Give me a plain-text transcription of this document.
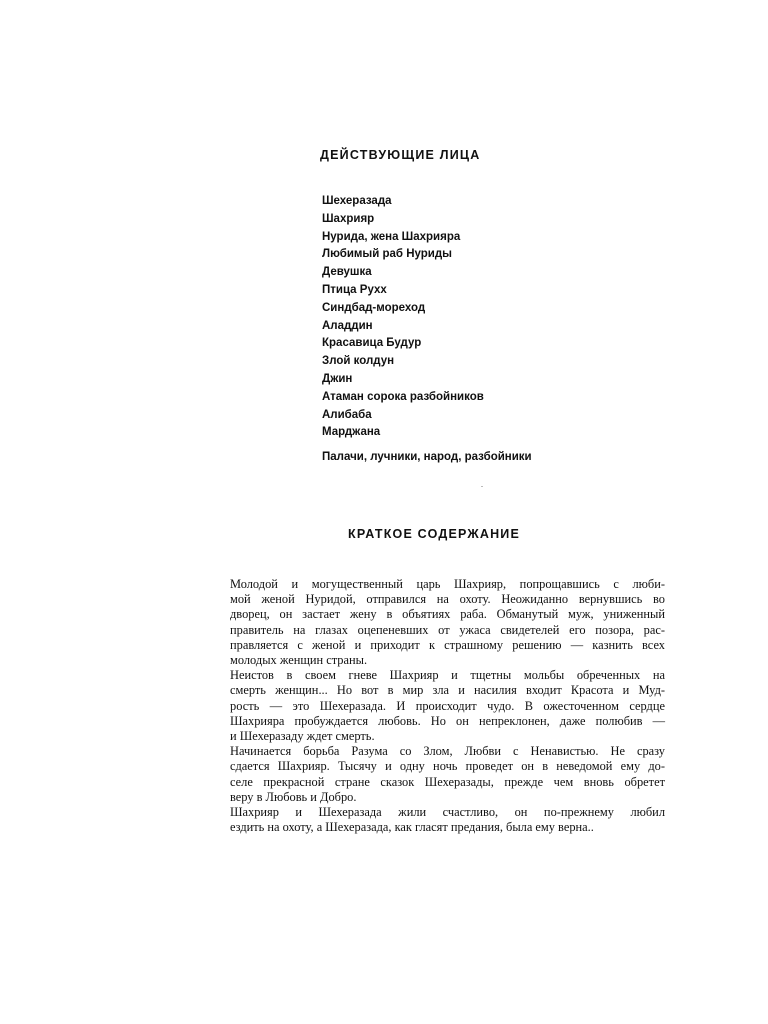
ДЕЙСТВУЮЩИЕ ЛИЦА
Шехеразада
Шахрияр
Нурида, жена Шахрияра
Любимый раб Нуриды
Девушка
Птица Рухх
Синдбад-мореход
Аладдин
Красавица Будур
Злой колдун
Джин
Атаман сорока разбойников
Алибаба
Марджана
Палачи, лучники, народ, разбойники
КРАТКОЕ СОДЕРЖАНИЕ

Молодой и могущественный царь Шахрияр, попрощавшись с люби-
мой женой Нуридой, отправился на охоту. Неожиданно вернувшись во
дворец, он застает жену в объятиях раба. Обманутый муж, униженный
правитель на глазах оцепеневших от ужаса свидетелей его позора, рас-
правляется с женой и приходит к страшному решению — казнить всех
молодых женщин страны.

Неистов в своем гневе Шахрияр и тщетны мольбы обреченных на
смерть женщин... Но вот в мир зла и насилия входит Красота и Муд-
рость — это Шехеразада. И происходит чудо. В ожесточенном сердце
Шахрияра пробуждается любовь. Но он непреклонен, даже полюбив —
и Шехеразаду ждет смерть.

Начинается борьба Разума со Злом, Любви с Ненавистью. Не сразу
сдается Шахрияр. Тысячу и одну ночь проведет он в неведомой ему до-
селе прекрасной стране сказок Шехеразады, прежде чем вновь обретет
веру в Любовь и Добро.

Шахрияр и Шехеразада жили счастливо, он по-прежнему любил
ездить на охоту, а Шехеразада, как гласят предания, была ему верна..
